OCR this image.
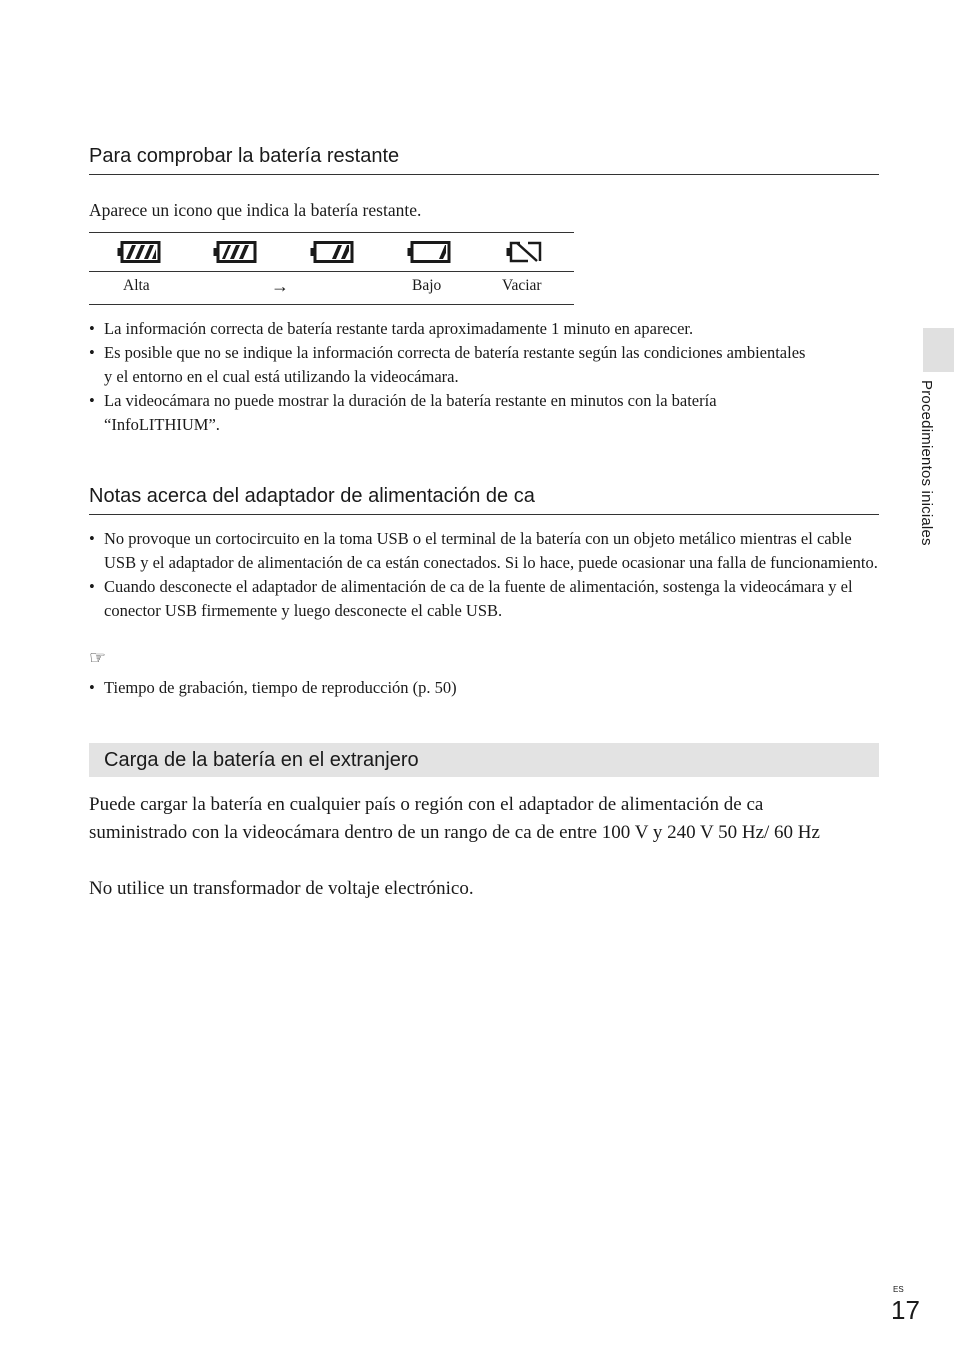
Para comprobar la batería restante
Aparece un icono que indica la batería restante.
Alta	→	Bajo	Vaciar
• La información correcta de batería restante tarda aproximadamente 1 minuto en aparecer.
• Es posible que no se indique la información correcta de batería restante según las condiciones ambientales y el entorno en el cual está utilizando la videocámara.
• La videocámara no puede mostrar la duración de la batería restante en minutos con la batería “InfoLITHIUM”.
Notas acerca del adaptador de alimentación de ca
• No provoque un cortocircuito en la toma USB o el terminal de la batería con un objeto metálico mientras el cable USB y el adaptador de alimentación de ca están conectados. Si lo hace, puede ocasionar una falla de funcionamiento.
• Cuando desconecte el adaptador de alimentación de ca de la fuente de alimentación, sostenga la videocámara y el conector USB firmemente y luego desconecte el cable USB.
☞
• Tiempo de grabación, tiempo de reproducción (p. 50)
Carga de la batería en el extranjero
Puede cargar la batería en cualquier país o región con el adaptador de alimentación de ca suministrado con la videocámara dentro de un rango de ca de entre 100 V y 240 V 50 Hz/ 60 Hz
No utilice un transformador de voltaje electrónico.
Procedimientos iniciales
ES
17
